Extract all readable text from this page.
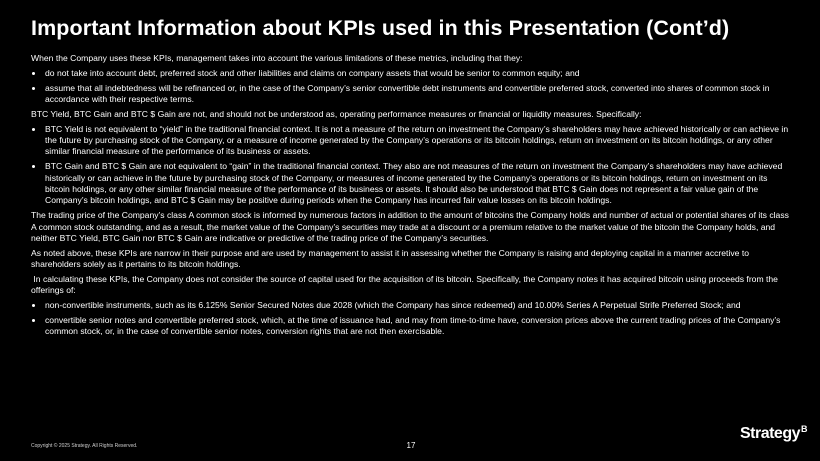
Important Information about KPIs used in this Presentation (Cont’d)

When the Company uses these KPIs, management takes into account the various limitations of these metrics, including that they:

do not take into account debt, preferred stock and other liabilities and claims on company assets that would be senior to common equity; and
assume that all indebtedness will be refinanced or, in the case of the Company’s senior convertible debt instruments and convertible preferred stock, converted into shares of common stock in accordance with their respective terms.

BTC Yield, BTC Gain and BTC $ Gain are not, and should not be understood as, operating performance measures or financial or liquidity measures. Specifically:

BTC Yield is not equivalent to “yield” in the traditional financial context. It is not a measure of the return on investment the Company’s shareholders may have achieved historically or can achieve in the future by purchasing stock of the Company, or a measure of income generated by the Company’s operations or its bitcoin holdings, return on investment on its bitcoin holdings, or any other similar financial measure of the performance of its business or assets.
BTC Gain and BTC $ Gain are not equivalent to “gain” in the traditional financial context. They also are not measures of the return on investment the Company’s shareholders may have achieved historically or can achieve in the future by purchasing stock of the Company, or measures of income generated by the Company’s operations or its bitcoin holdings, return on investment on its bitcoin holdings, or any other similar financial measure of the performance of its business or assets. It should also be understood that BTC $ Gain does not represent a fair value gain of the Company’s bitcoin holdings, and BTC $ Gain may be positive during periods when the Company has incurred fair value losses on its bitcoin holdings.

The trading price of the Company’s class A common stock is informed by numerous factors in addition to the amount of bitcoins the Company holds and number of actual or potential shares of its class A common stock outstanding, and as a result, the market value of the Company’s securities may trade at a discount or a premium relative to the market value of the bitcoin the Company holds, and neither BTC Yield, BTC Gain nor BTC $ Gain are indicative or predictive of the trading price of the Company’s securities.

As noted above, these KPIs are narrow in their purpose and are used by management to assist it in assessing whether the Company is raising and deploying capital in a manner accretive to shareholders solely as it pertains to its bitcoin holdings.

In calculating these KPIs, the Company does not consider the source of capital used for the acquisition of its bitcoin. Specifically, the Company notes it has acquired bitcoin using proceeds from the offerings of:

non-convertible instruments, such as its 6.125% Senior Secured Notes due 2028 (which the Company has since redeemed) and 10.00% Series A Perpetual Strife Preferred Stock; and
convertible senior notes and convertible preferred stock, which, at the time of issuance had, and may from time-to-time have, conversion prices above the current trading prices of the Company’s common stock, or, in the case of convertible senior notes, conversion rights that are not then exercisable.
Copyright © 2025 Strategy. All Rights Reserved.	17
Strategy$^B$
